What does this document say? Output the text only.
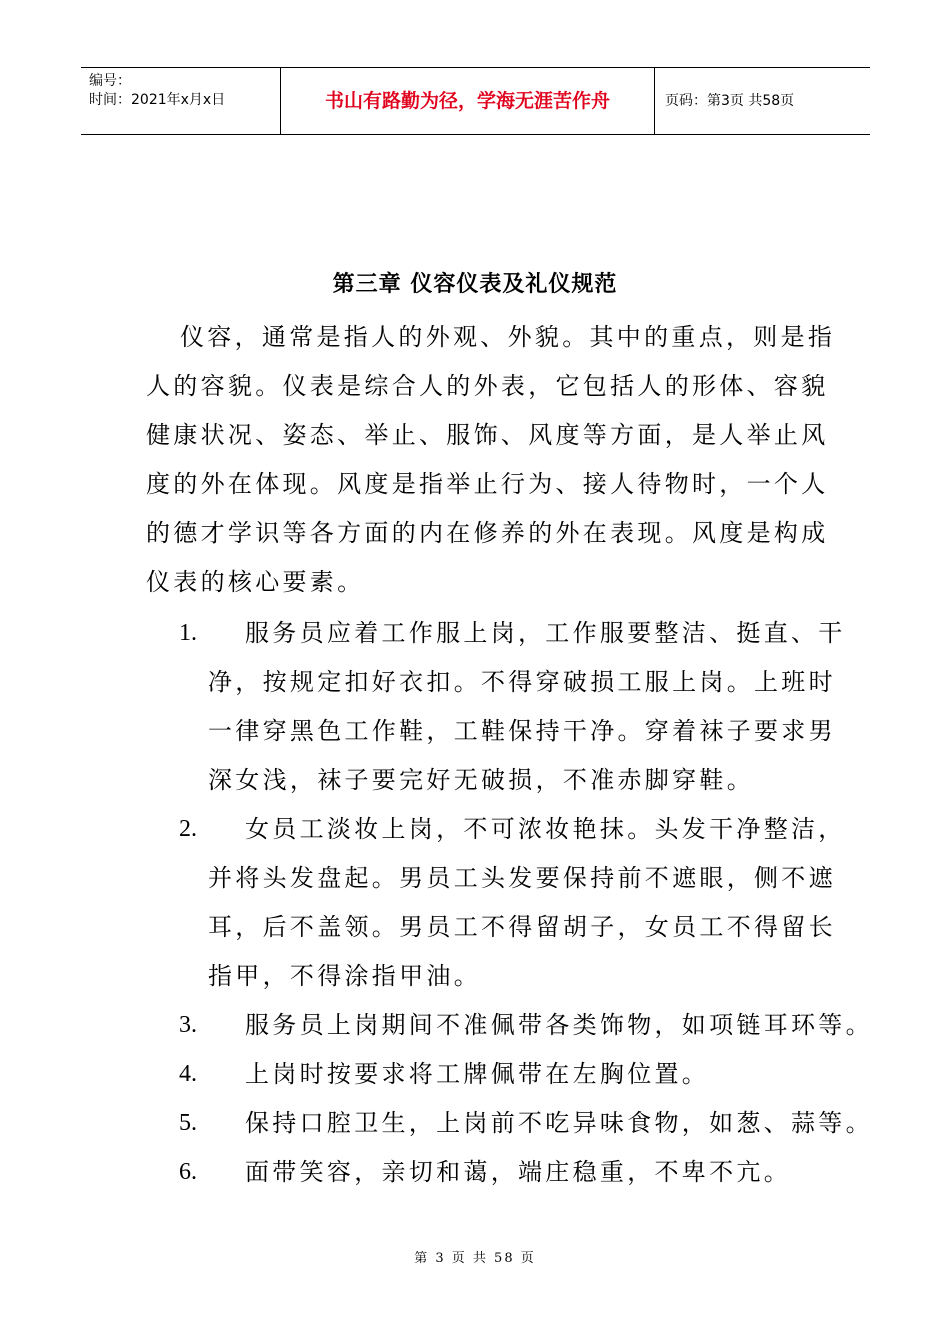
编号：
时间：2021年x月x日	书山有路勤为径，学海无涯苦作舟	页码：第3页 共58页
第三章 仪容仪表及礼仪规范
仪容，通常是指人的外观、外貌。其中的重点，则是指
人的容貌。仪表是综合人的外表，它包括人的形体、容貌
健康状况、姿态、举止、服饰、风度等方面，是人举止风
度的外在体现。风度是指举止行为、接人待物时，一个人
的德才学识等各方面的内在修养的外在表现。风度是构成
仪表的核心要素。
1.	服务员应着工作服上岗，工作服要整洁、挺直、干
净，按规定扣好衣扣。不得穿破损工服上岗。上班时
一律穿黑色工作鞋，工鞋保持干净。穿着袜子要求男
深女浅，袜子要完好无破损，不准赤脚穿鞋。
2.	女员工淡妆上岗，不可浓妆艳抹。头发干净整洁，
并将头发盘起。男员工头发要保持前不遮眼，侧不遮
耳，后不盖领。男员工不得留胡子，女员工不得留长
指甲，不得涂指甲油。
3.	服务员上岗期间不准佩带各类饰物，如项链耳环等。
4.	上岗时按要求将工牌佩带在左胸位置。
5.	保持口腔卫生，上岗前不吃异味食物，如葱、蒜等。
6.	面带笑容，亲切和蔼，端庄稳重，不卑不亢。
第 3 页 共 58 页
